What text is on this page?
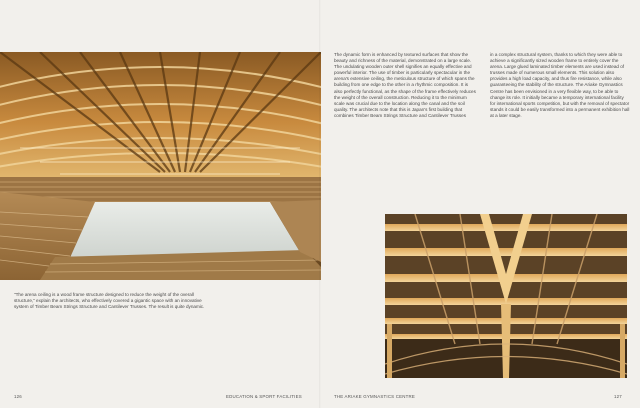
"The arena ceiling is a wood frame structure designed to reduce the weight of the overall structure," explain the architects, who effectively covered a gigantic space with an innovative system of Timber Beam Strings Structure and Cantilever Trusses. The result is quite dynamic.

126	EDUCATION & SPORT FACILITIES

The dynamic form is enhanced by textured surfaces that show the beauty and richness of the material, demonstrated on a large scale. The undulating wooden outer shell signifies an equally effective and powerful interior. The use of timber is particularly spectacular in the arena's extensive ceiling, the meticulous structure of which spans the building from one edge to the other in a rhythmic composition. It is also perfectly functional, as the shape of the frame effectively reduces the weight of the overall construction. Reducing it to the minimum scale was crucial due to the location along the canal and the soil quality. The architects note that this is Japan's first building that combines Timber Beam Strings Structure and Cantilever Trusses

in a complex structural system, thanks to which they were able to achieve a significantly sized wooden frame to entirely cover the arena. Large glued laminated timber elements are used instead of trusses made of numerous small elements. This solution also provides a high load capacity, and thus fire resistance, while also guaranteeing the stability of the structure. The Ariake Gymnastics Centre has been envisioned in a very flexible way, to be able to change its role. It initially became a temporary international facility for international sports competition, but with the removal of spectator stands it could be easily transformed into a permanent exhibition hall at a later stage.

THE ARIAKE GYMNASTICS CENTRE	127
